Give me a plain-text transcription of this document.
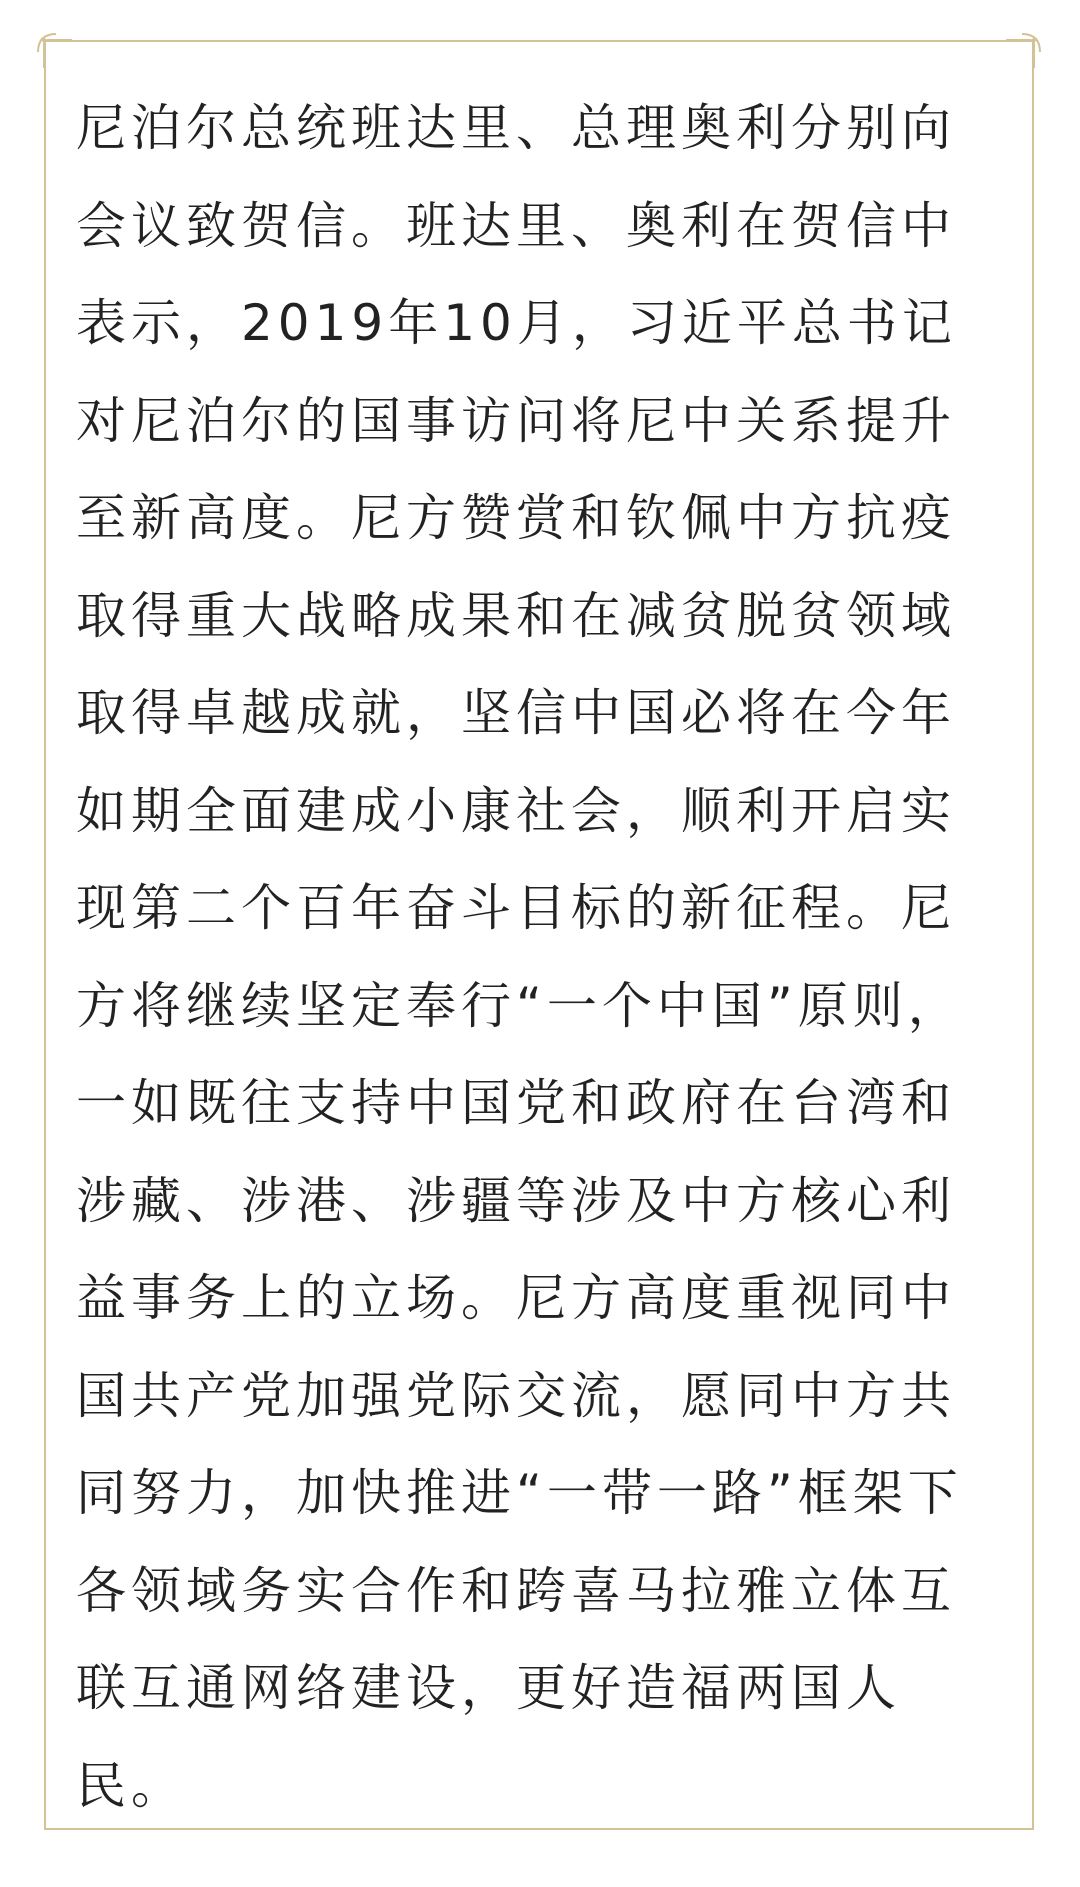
尼泊尔总统班达里、总理奥利分别向
会议致贺信。班达里、奥利在贺信中
表示，2019年10月，习近平总书记
对尼泊尔的国事访问将尼中关系提升
至新高度。尼方赞赏和钦佩中方抗疫
取得重大战略成果和在减贫脱贫领域
取得卓越成就，坚信中国必将在今年
如期全面建成小康社会，顺利开启实
现第二个百年奋斗目标的新征程。尼
方将继续坚定奉行“一个中国”原则，
一如既往支持中国党和政府在台湾和
涉藏、涉港、涉疆等涉及中方核心利
益事务上的立场。尼方高度重视同中
国共产党加强党际交流，愿同中方共
同努力，加快推进“一带一路”框架下
各领域务实合作和跨喜马拉雅立体互
联互通网络建设，更好造福两国人
民。
